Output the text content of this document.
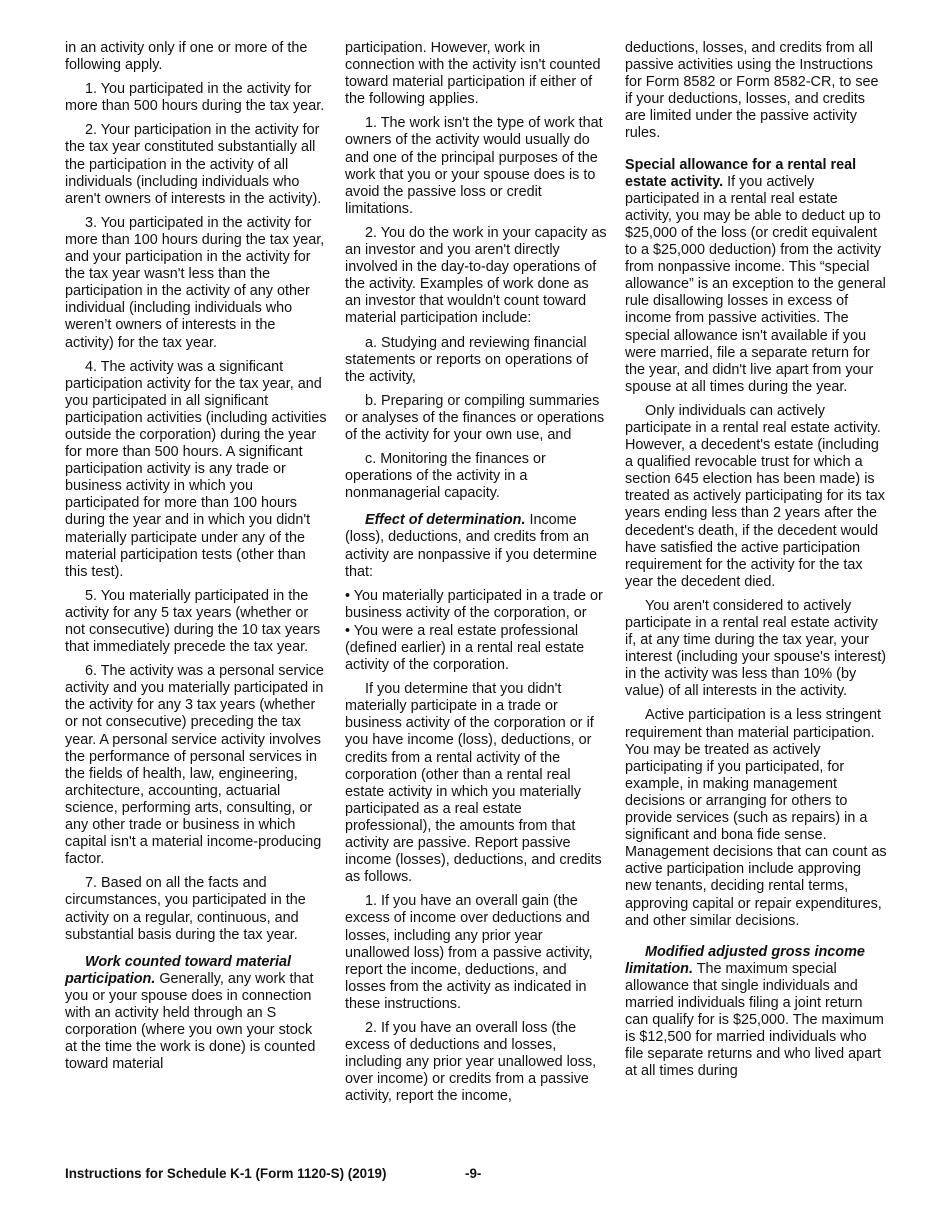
in an activity only if one or more of the following apply.

1. You participated in the activity for more than 500 hours during the tax year.

2. Your participation in the activity for the tax year constituted substantially all the participation in the activity of all individuals (including individuals who aren't owners of interests in the activity).

3. You participated in the activity for more than 100 hours during the tax year, and your participation in the activity for the tax year wasn't less than the participation in the activity of any other individual (including individuals who weren’t owners of interests in the activity) for the tax year.

4. The activity was a significant participation activity for the tax year, and you participated in all significant participation activities (including activities outside the corporation) during the year for more than 500 hours. A significant participation activity is any trade or business activity in which you participated for more than 100 hours during the year and in which you didn't materially participate under any of the material participation tests (other than this test).

5. You materially participated in the activity for any 5 tax years (whether or not consecutive) during the 10 tax years that immediately precede the tax year.

6. The activity was a personal service activity and you materially participated in the activity for any 3 tax years (whether or not consecutive) preceding the tax year. A personal service activity involves the performance of personal services in the fields of health, law, engineering, architecture, accounting, actuarial science, performing arts, consulting, or any other trade or business in which capital isn't a material income-producing factor.

7. Based on all the facts and circumstances, you participated in the activity on a regular, continuous, and substantial basis during the tax year.

Work counted toward material participation. Generally, any work that you or your spouse does in connection with an activity held through an S corporation (where you own your stock at the time the work is done) is counted toward material

participation. However, work in connection with the activity isn't counted toward material participation if either of the following applies.

1. The work isn't the type of work that owners of the activity would usually do and one of the principal purposes of the work that you or your spouse does is to avoid the passive loss or credit limitations.

2. You do the work in your capacity as an investor and you aren't directly involved in the day-to-day operations of the activity. Examples of work done as an investor that wouldn't count toward material participation include:

a. Studying and reviewing financial statements or reports on operations of the activity,

b. Preparing or compiling summaries or analyses of the finances or operations of the activity for your own use, and

c. Monitoring the finances or operations of the activity in a nonmanagerial capacity.

Effect of determination. Income (loss), deductions, and credits from an activity are nonpassive if you determine that:

• You materially participated in a trade or business activity of the corporation, or

• You were a real estate professional (defined earlier) in a rental real estate activity of the corporation.

If you determine that you didn't materially participate in a trade or business activity of the corporation or if you have income (loss), deductions, or credits from a rental activity of the corporation (other than a rental real estate activity in which you materially participated as a real estate professional), the amounts from that activity are passive. Report passive income (losses), deductions, and credits as follows.

1. If you have an overall gain (the excess of income over deductions and losses, including any prior year unallowed loss) from a passive activity, report the income, deductions, and losses from the activity as indicated in these instructions.

2. If you have an overall loss (the excess of deductions and losses, including any prior year unallowed loss, over income) or credits from a passive activity, report the income,

deductions, losses, and credits from all passive activities using the Instructions for Form 8582 or Form 8582-CR, to see if your deductions, losses, and credits are limited under the passive activity rules.

Special allowance for a rental real estate activity. If you actively participated in a rental real estate activity, you may be able to deduct up to $25,000 of the loss (or credit equivalent to a $25,000 deduction) from the activity from nonpassive income. This “special allowance” is an exception to the general rule disallowing losses in excess of income from passive activities. The special allowance isn't available if you were married, file a separate return for the year, and didn't live apart from your spouse at all times during the year.

Only individuals can actively participate in a rental real estate activity. However, a decedent's estate (including a qualified revocable trust for which a section 645 election has been made) is treated as actively participating for its tax years ending less than 2 years after the decedent's death, if the decedent would have satisfied the active participation requirement for the activity for the tax year the decedent died.

You aren't considered to actively participate in a rental real estate activity if, at any time during the tax year, your interest (including your spouse's interest) in the activity was less than 10% (by value) of all interests in the activity.

Active participation is a less stringent requirement than material participation. You may be treated as actively participating if you participated, for example, in making management decisions or arranging for others to provide services (such as repairs) in a significant and bona fide sense. Management decisions that can count as active participation include approving new tenants, deciding rental terms, approving capital or repair expenditures, and other similar decisions.

Modified adjusted gross income limitation. The maximum special allowance that single individuals and married individuals filing a joint return can qualify for is $25,000. The maximum is $12,500 for married individuals who file separate returns and who lived apart at all times during

Instructions for Schedule K-1 (Form 1120-S) (2019)	-9-
